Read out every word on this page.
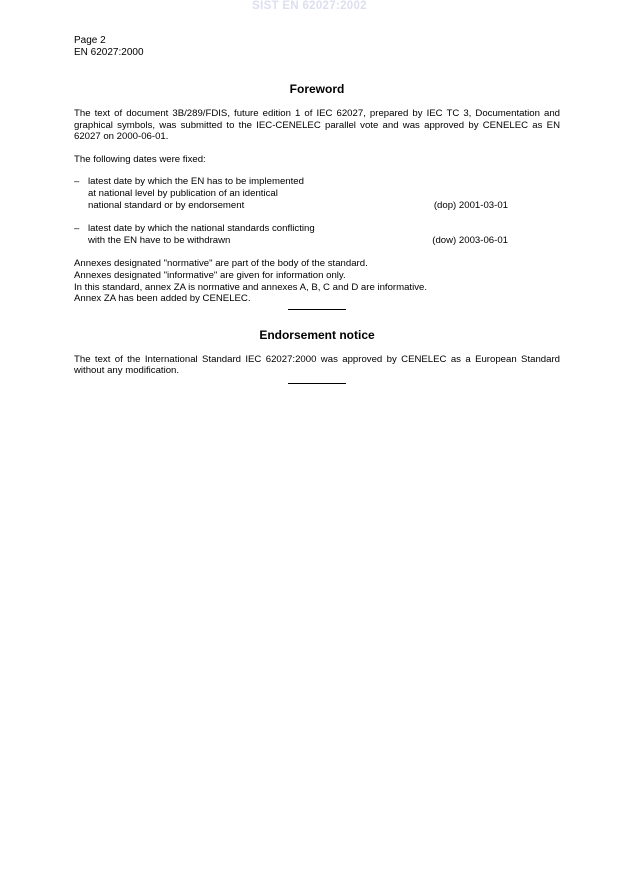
SIST EN 62027:2002
Page 2
EN 62027:2000
Foreword

The text of document 3B/289/FDIS, future edition 1 of IEC 62027, prepared by IEC TC 3, Documentation and graphical symbols, was submitted to the IEC-CENELEC parallel vote and was approved by CENELEC as EN 62027 on 2000-06-01.

The following dates were fixed:

– latest date by which the EN has to be implemented
at national level by publication of an identical
national standard or by endorsement	(dop) 2001-03-01
– latest date by which the national standards conflicting
with the EN have to be withdrawn	(dow) 2003-06-01
Annexes designated "normative" are part of the body of the standard.
Annexes designated "informative" are given for information only.
In this standard, annex ZA is normative and annexes A, B, C and D are informative.
Annex ZA has been added by CENELEC.
Endorsement notice

The text of the International Standard IEC 62027:2000 was approved by CENELEC as a European Standard without any modification.
